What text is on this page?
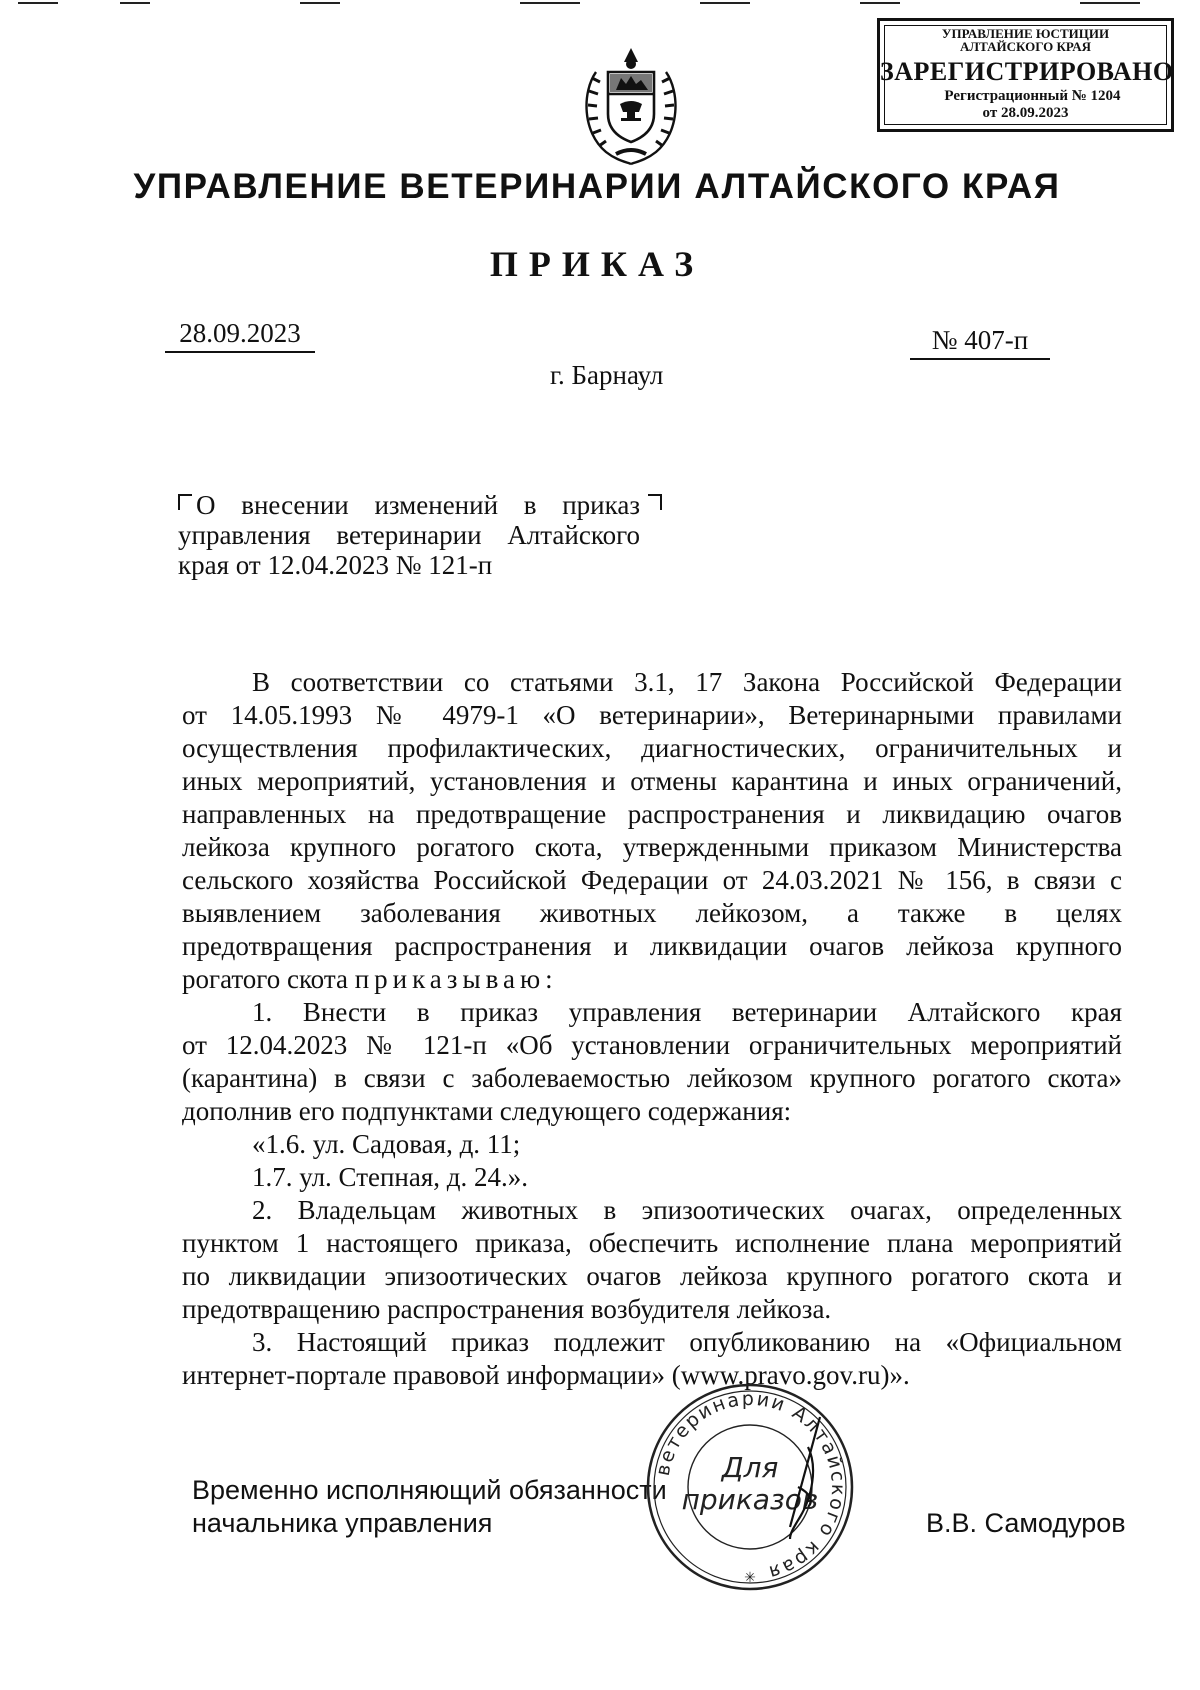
УПРАВЛЕНИЕ ЮСТИЦИИ
АЛТАЙСКОГО КРАЯ
ЗАРЕГИСТРИРОВАНО
Регистрационный № 1204
от 28.09.2023
УПРАВЛЕНИЕ ВЕТЕРИНАРИИ АЛТАЙСКОГО КРАЯ
ПРИКАЗ
28.09.2023	№ 407-п
г. Барнаул
О внесении изменений в приказ
управления ветеринарии Алтайского
края от 12.04.2023 № 121-п
В соответствии со статьями 3.1, 17 Закона Российской Федерации
от 14.05.1993 № 4979-1 «О ветеринарии», Ветеринарными правилами
осуществления профилактических, диагностических, ограничительных и
иных мероприятий, установления и отмены карантина и иных ограничений,
направленных на предотвращение распространения и ликвидацию очагов
лейкоза крупного рогатого скота, утвержденными приказом Министерства
сельского хозяйства Российской Федерации от 24.03.2021 № 156, в связи с
выявлением заболевания животных лейкозом, а также в целях
предотвращения распространения и ликвидации очагов лейкоза крупного
рогатого скота приказываю:
1. Внести в приказ управления ветеринарии Алтайского края
от 12.04.2023 № 121-п «Об установлении ограничительных мероприятий
(карантина) в связи с заболеваемостью лейкозом крупного рогатого скота»
дополнив его подпунктами следующего содержания:
«1.6. ул. Садовая, д. 11;
1.7. ул. Степная, д. 24.».
2. Владельцам животных в эпизоотических очагах, определенных
пунктом 1 настоящего приказа, обеспечить исполнение плана мероприятий
по ликвидации эпизоотических очагов лейкоза крупного рогатого скота и
предотвращению распространения возбудителя лейкоза.
3. Настоящий приказ подлежит опубликованию на «Официальном
интернет-портале правовой информации» (www.pravo.gov.ru)».
Временно исполняющий обязанности
начальника управления	В.В. Самодуров
ветеринарии Алтайского края
Для
приказов
✳
